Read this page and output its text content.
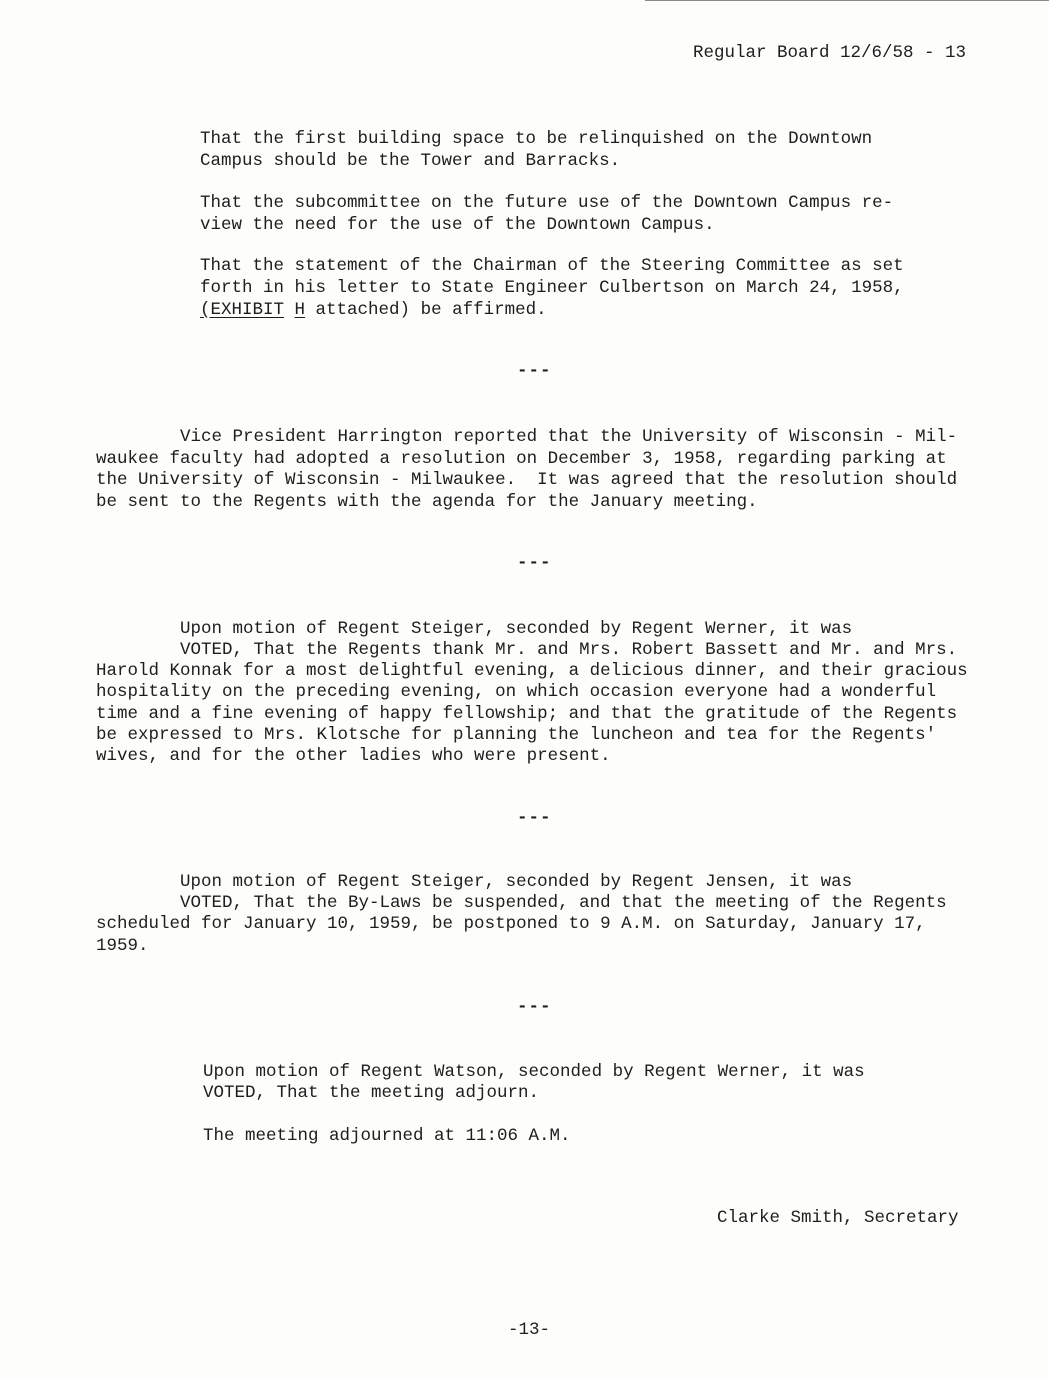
Regular Board 12/6/58 - 13
That the first building space to be relinquished on the Downtown
Campus should be the Tower and Barracks.
That the subcommittee on the future use of the Downtown Campus re-
view the need for the use of the Downtown Campus.
That the statement of the Chairman of the Steering Committee as set
forth in his letter to State Engineer Culbertson on March 24, 1958,
(EXHIBIT H attached) be affirmed.
---
Vice President Harrington reported that the University of Wisconsin - Mil-
waukee faculty had adopted a resolution on December 3, 1958, regarding parking at
the University of Wisconsin - Milwaukee.  It was agreed that the resolution should
be sent to the Regents with the agenda for the January meeting.
---
Upon motion of Regent Steiger, seconded by Regent Werner, it was
VOTED, That the Regents thank Mr. and Mrs. Robert Bassett and Mr. and Mrs.
Harold Konnak for a most delightful evening, a delicious dinner, and their gracious
hospitality on the preceding evening, on which occasion everyone had a wonderful
time and a fine evening of happy fellowship; and that the gratitude of the Regents
be expressed to Mrs. Klotsche for planning the luncheon and tea for the Regents'
wives, and for the other ladies who were present.
---
Upon motion of Regent Steiger, seconded by Regent Jensen, it was
VOTED, That the By-Laws be suspended, and that the meeting of the Regents
scheduled for January 10, 1959, be postponed to 9 A.M. on Saturday, January 17,
1959.
---
Upon motion of Regent Watson, seconded by Regent Werner, it was
VOTED, That the meeting adjourn.
The meeting adjourned at 11:06 A.M.
Clarke Smith, Secretary
-13-
